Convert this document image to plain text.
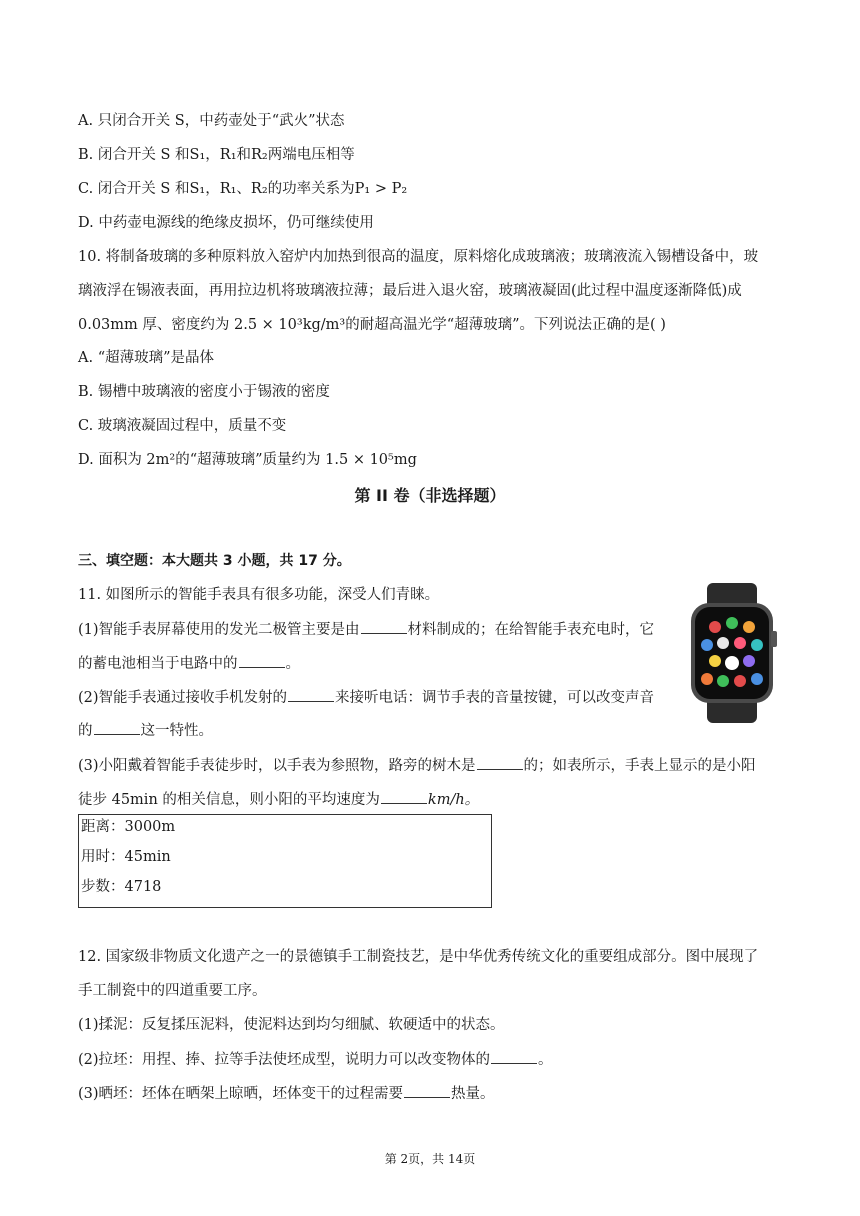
A. 只闭合开关 S，中药壶处于“武火”状态
B. 闭合开关 S 和S₁，R₁和R₂两端电压相等
C. 闭合开关 S 和S₁，R₁、R₂的功率关系为P₁ > P₂
D. 中药壶电源线的绝缘皮损坏，仍可继续使用
10. 将制备玻璃的多种原料放入窑炉内加热到很高的温度，原料熔化成玻璃液；玻璃液流入锡槽设备中，玻
璃液浮在锡液表面，再用拉边机将玻璃液拉薄；最后进入退火窑，玻璃液凝固(此过程中温度逐渐降低)成
0.03mm 厚、密度约为 2.5 × 10³kg/m³的耐超高温光学“超薄玻璃”。下列说法正确的是( )
A. “超薄玻璃”是晶体
B. 锡槽中玻璃液的密度小于锡液的密度
C. 玻璃液凝固过程中，质量不变
D. 面积为 2m²的“超薄玻璃”质量约为 1.5 × 10⁵mg
第 II 卷（非选择题）
三、填空题：本大题共 3 小题，共 17 分。
11. 如图所示的智能手表具有很多功能，深受人们青睐。
(1)智能手表屏幕使用的发光二极管主要是由	材料制成的；在给智能手表充电时，它
的蓄电池相当于电路中的	。
(2)智能手表通过接收手机发射的	来接听电话：调节手表的音量按键，可以改变声音
的	这一特性。
(3)小阳戴着智能手表徒步时，以手表为参照物，路旁的树木是	的；如表所示，手表上显示的是小阳
徒步 45min 的相关信息，则小阳的平均速度为	km/h。
距离：3000m
用时：45min
步数：4718
12. 国家级非物质文化遗产之一的景德镇手工制瓷技艺，是中华优秀传统文化的重要组成部分。图中展现了
手工制瓷中的四道重要工序。
(1)揉泥：反复揉压泥料，使泥料达到均匀细腻、软硬适中的状态。
(2)拉坯：用捏、捧、拉等手法使坯成型，说明力可以改变物体的	。
(3)晒坯：坯体在晒架上晾晒，坯体变干的过程需要	热量。
第 2页，共 14页
